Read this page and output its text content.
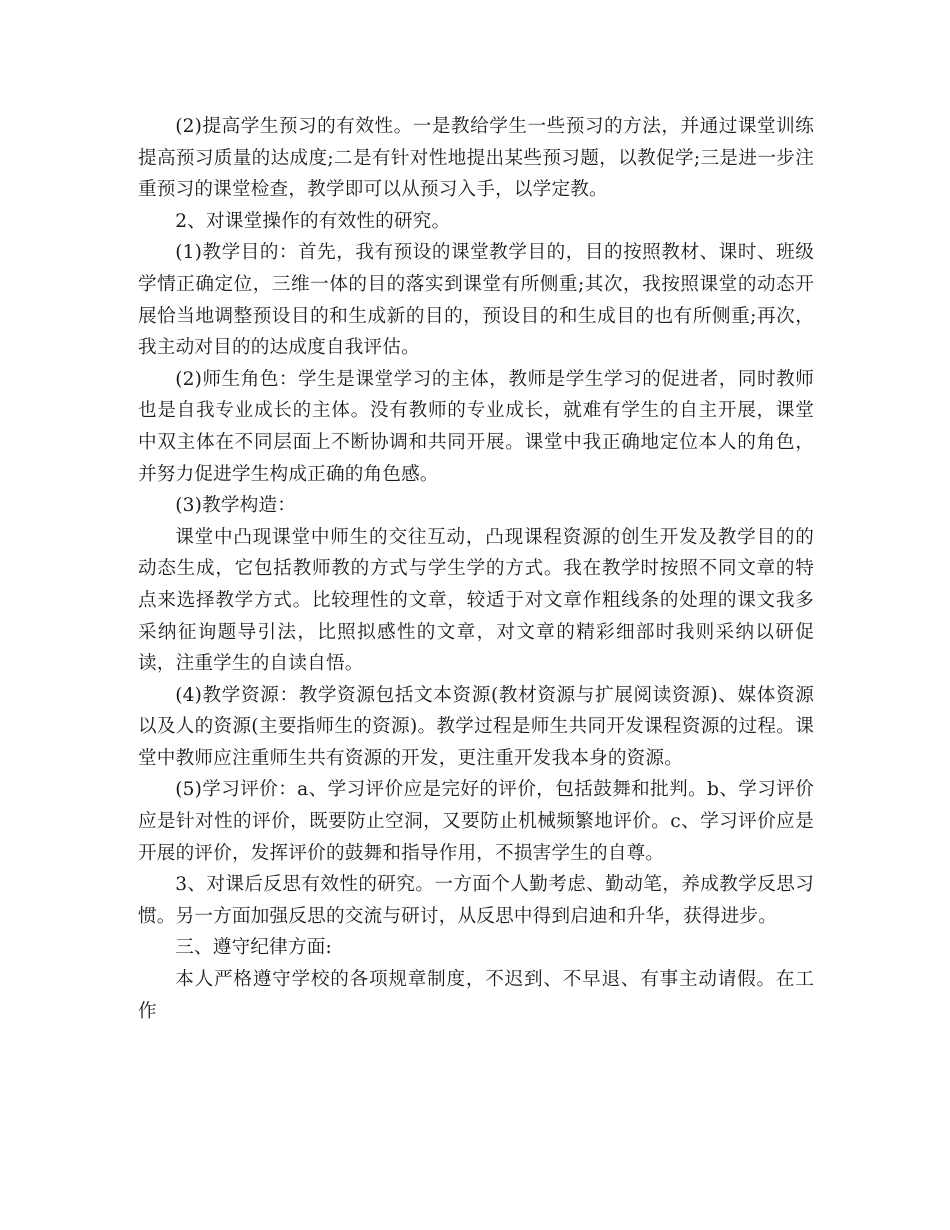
(2)提高学生预习的有效性。一是教给学生一些预习的方法，并通过课堂训练提高预习质量的达成度;二是有针对性地提出某些预习题，以教促学;三是进一步注重预习的课堂检查，教学即可以从预习入手，以学定教。

2、对课堂操作的有效性的研究。

(1)教学目的：首先，我有预设的课堂教学目的，目的按照教材、课时、班级学情正确定位，三维一体的目的落实到课堂有所侧重;其次，我按照课堂的动态开展恰当地调整预设目的和生成新的目的，预设目的和生成目的也有所侧重;再次，我主动对目的的达成度自我评估。

(2)师生角色：学生是课堂学习的主体，教师是学生学习的促进者，同时教师也是自我专业成长的主体。没有教师的专业成长，就难有学生的自主开展，课堂中双主体在不同层面上不断协调和共同开展。课堂中我正确地定位本人的角色，并努力促进学生构成正确的角色感。

(3)教学构造：

课堂中凸现课堂中师生的交往互动，凸现课程资源的创生开发及教学目的的动态生成，它包括教师教的方式与学生学的方式。我在教学时按照不同文章的特点来选择教学方式。比较理性的文章，较适于对文章作粗线条的处理的课文我多采纳征询题导引法，比照拟感性的文章，对文章的精彩细部时我则采纳以研促读，注重学生的自读自悟。

(4)教学资源：教学资源包括文本资源(教材资源与扩展阅读资源)、媒体资源以及人的资源(主要指师生的资源)。教学过程是师生共同开发课程资源的过程。课堂中教师应注重师生共有资源的开发，更注重开发我本身的资源。

(5)学习评价：a、学习评价应是完好的评价，包括鼓舞和批判。b、学习评价应是针对性的评价，既要防止空洞，又要防止机械频繁地评价。c、学习评价应是开展的评价，发挥评价的鼓舞和指导作用，不损害学生的自尊。

3、对课后反思有效性的研究。一方面个人勤考虑、勤动笔，养成教学反思习惯。另一方面加强反思的交流与研讨，从反思中得到启迪和升华，获得进步。

三、遵守纪律方面:

本人严格遵守学校的各项规章制度，不迟到、不早退、有事主动请假。在工作
